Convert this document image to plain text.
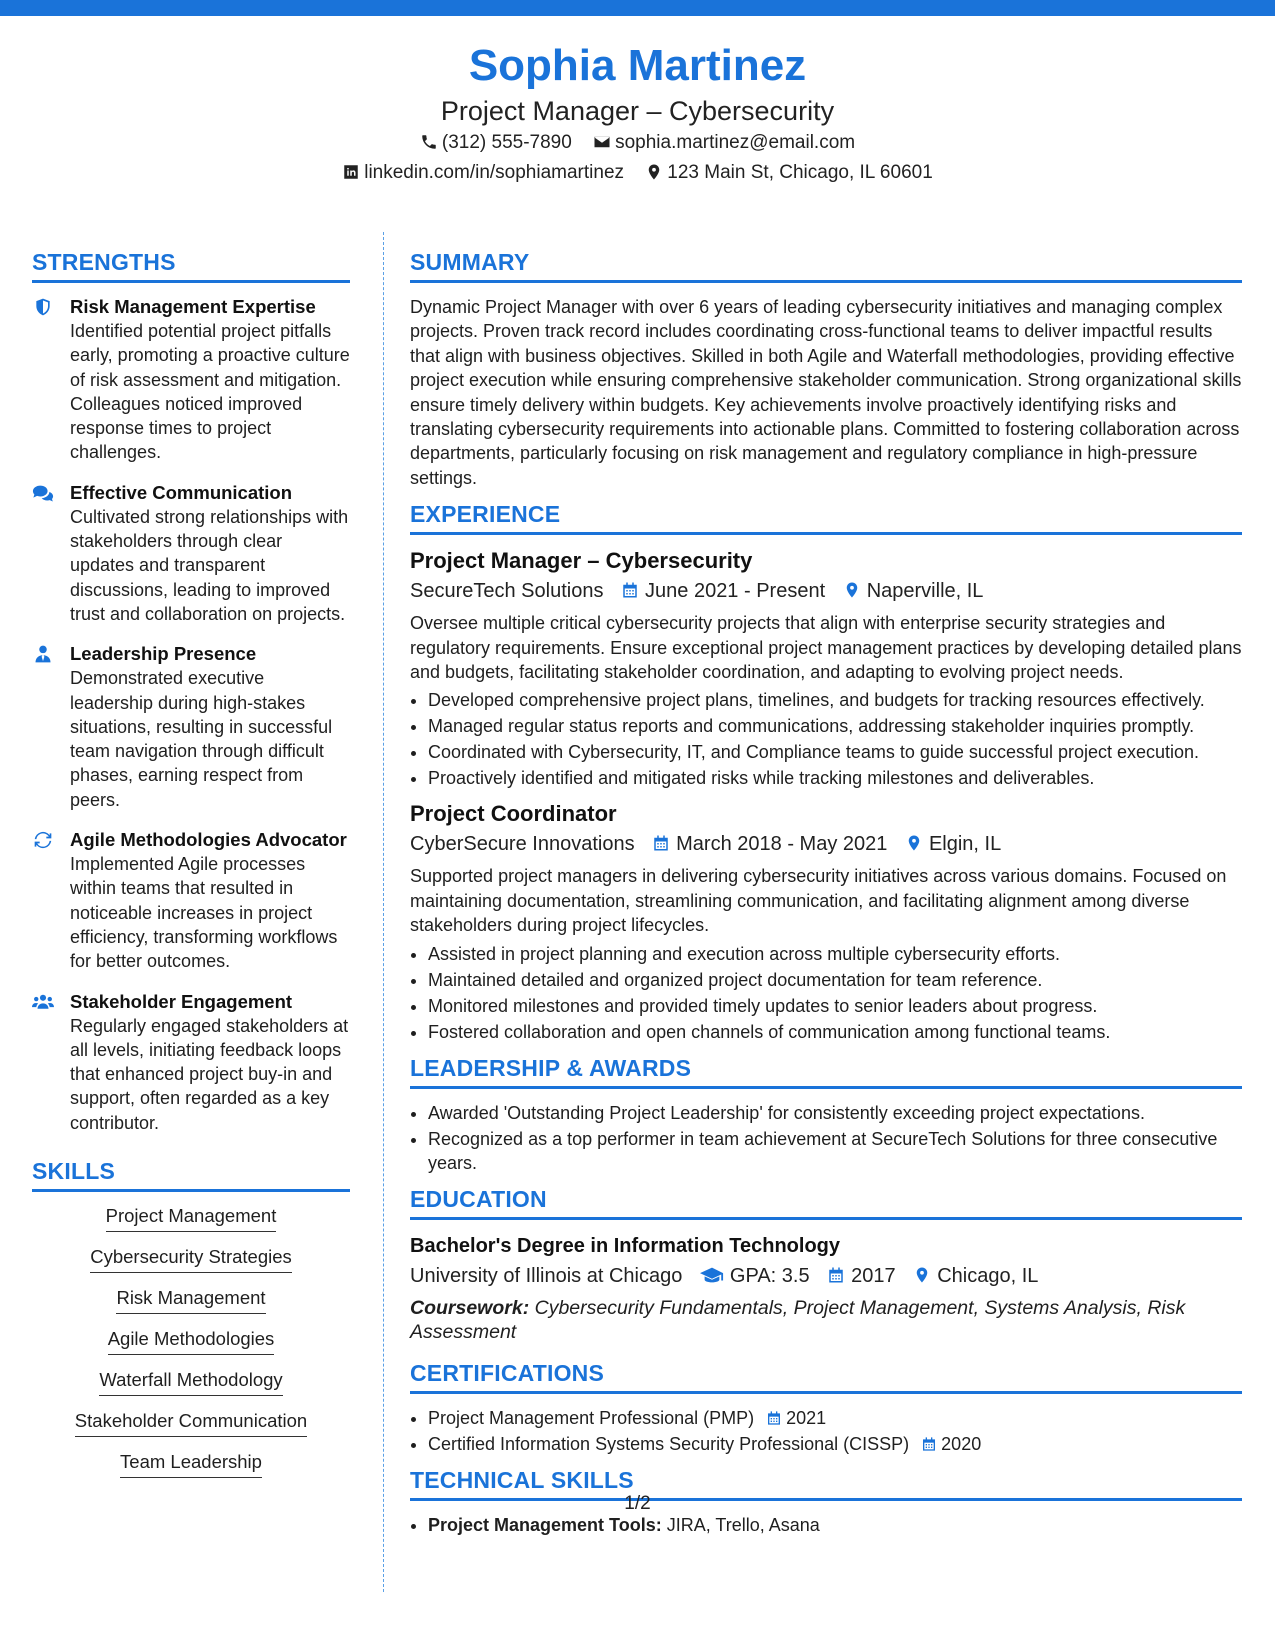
Sophia Martinez
Project Manager – Cybersecurity
(312) 555-7890 sophia.martinez@email.com
linkedin.com/in/sophiamartinez 123 Main St, Chicago, IL 60601
STRENGTHS
Risk Management Expertise
Identified potential project pitfalls early, promoting a proactive culture of risk assessment and mitigation. Colleagues noticed improved response times to project challenges.
Effective Communication
Cultivated strong relationships with stakeholders through clear updates and transparent discussions, leading to improved trust and collaboration on projects.
Leadership Presence
Demonstrated executive leadership during high-stakes situations, resulting in successful team navigation through difficult phases, earning respect from peers.
Agile Methodologies Advocator
Implemented Agile processes within teams that resulted in noticeable increases in project efficiency, transforming workflows for better outcomes.
Stakeholder Engagement
Regularly engaged stakeholders at all levels, initiating feedback loops that enhanced project buy-in and support, often regarded as a key contributor.
SKILLS
Project Management
Cybersecurity Strategies
Risk Management
Agile Methodologies
Waterfall Methodology
Stakeholder Communication
Team Leadership
SUMMARY

Dynamic Project Manager with over 6 years of leading cybersecurity initiatives and managing complex projects. Proven track record includes coordinating cross-functional teams to deliver impactful results that align with business objectives. Skilled in both Agile and Waterfall methodologies, providing effective project execution while ensuring comprehensive stakeholder communication. Strong organizational skills ensure timely delivery within budgets. Key achievements involve proactively identifying risks and translating cybersecurity requirements into actionable plans. Committed to fostering collaboration across departments, particularly focusing on risk management and regulatory compliance in high-pressure settings.

EXPERIENCE
Project Manager – Cybersecurity
SecureTech Solutions June 2021 - Present Naperville, IL

Oversee multiple critical cybersecurity projects that align with enterprise security strategies and regulatory requirements. Ensure exceptional project management practices by developing detailed plans and budgets, facilitating stakeholder coordination, and adapting to evolving project needs.

• Developed comprehensive project plans, timelines, and budgets for tracking resources effectively.
• Managed regular status reports and communications, addressing stakeholder inquiries promptly.
• Coordinated with Cybersecurity, IT, and Compliance teams to guide successful project execution.
• Proactively identified and mitigated risks while tracking milestones and deliverables.
Project Coordinator
CyberSecure Innovations March 2018 - May 2021 Elgin, IL

Supported project managers in delivering cybersecurity initiatives across various domains. Focused on maintaining documentation, streamlining communication, and facilitating alignment among diverse stakeholders during project lifecycles.

• Assisted in project planning and execution across multiple cybersecurity efforts.
• Maintained detailed and organized project documentation for team reference.
• Monitored milestones and provided timely updates to senior leaders about progress.
• Fostered collaboration and open channels of communication among functional teams.
LEADERSHIP & AWARDS
• Awarded 'Outstanding Project Leadership' for consistently exceeding project expectations.
• Recognized as a top performer in team achievement at SecureTech Solutions for three consecutive years.
EDUCATION
Bachelor's Degree in Information Technology
University of Illinois at Chicago GPA: 3.5 2017 Chicago, IL
Coursework: Cybersecurity Fundamentals, Project Management, Systems Analysis, Risk Assessment
CERTIFICATIONS
• Project Management Professional (PMP) 2021
• Certified Information Systems Security Professional (CISSP) 2020
TECHNICAL SKILLS
• Project Management Tools: JIRA, Trello, Asana
1/2
